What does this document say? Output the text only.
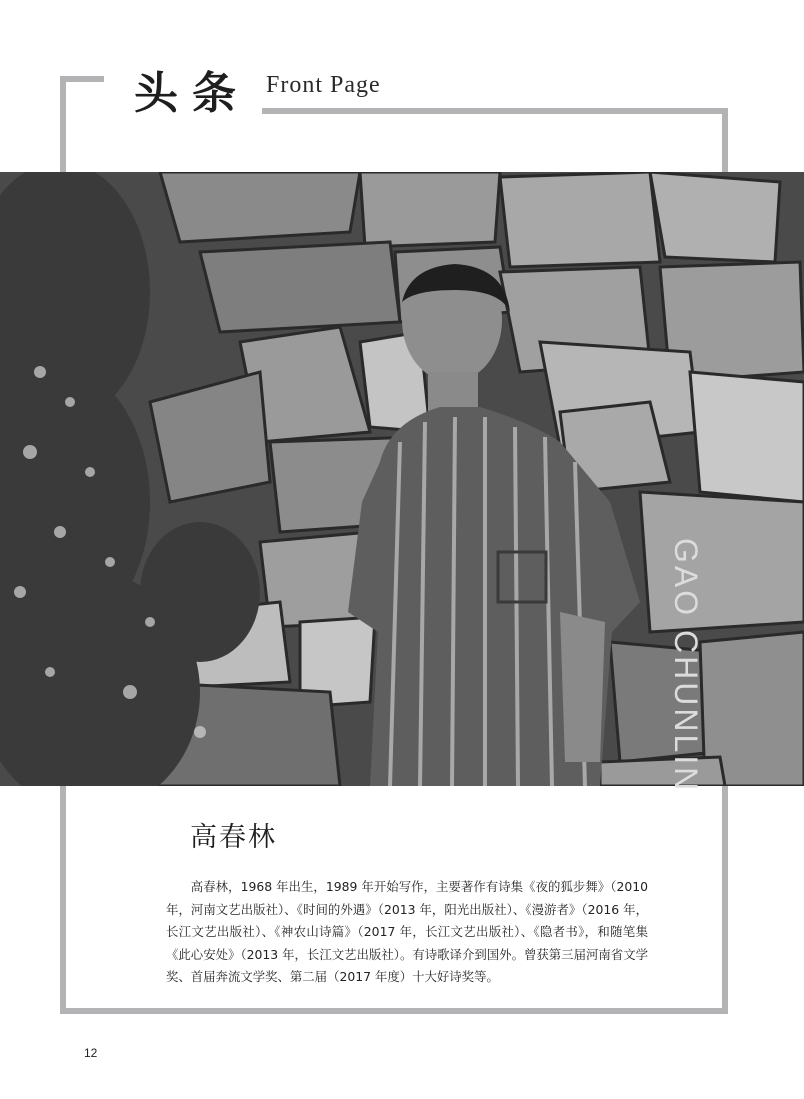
头条 Front Page
GAO CHUNLIN
高春林
高春林，1968 年出生，1989 年开始写作，主要著作有诗集《夜的狐步舞》（2010 年，河南文艺出版社）、《时间的外遇》（2013 年，阳光出版社）、《漫游者》（2016 年，长江文艺出版社）、《神农山诗篇》（2017 年，长江文艺出版社）、《隐者书》，和随笔集《此心安处》（2013 年，长江文艺出版社）。有诗歌译介到国外。曾获第三届河南省文学奖、首届奔流文学奖、第二届（2017 年度）十大好诗奖等。
12
